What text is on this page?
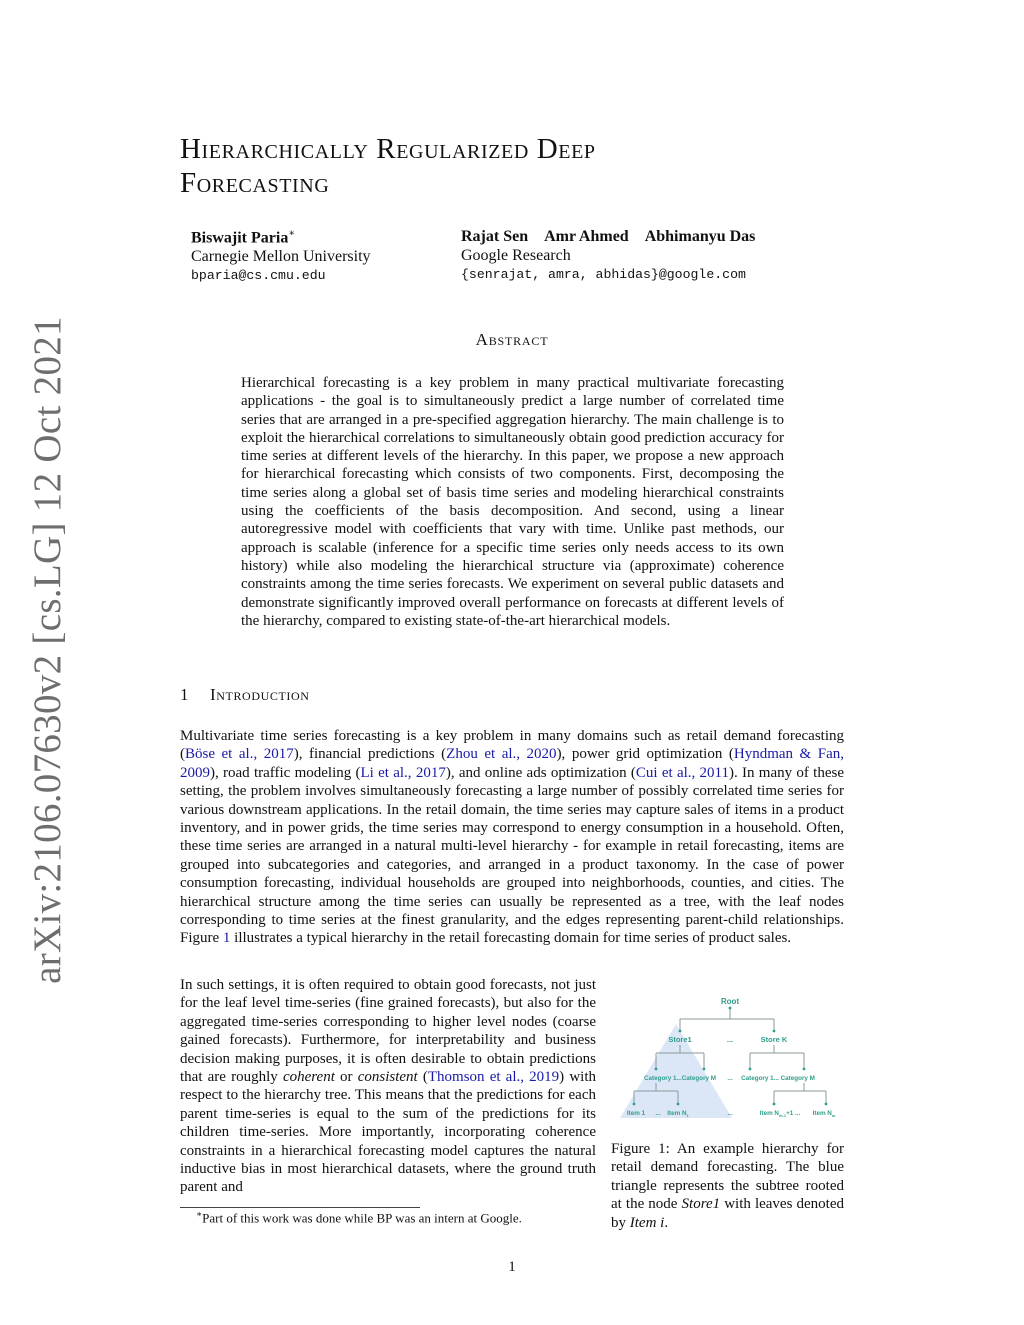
arXiv:2106.07630v2 [cs.LG] 12 Oct 2021
Hierarchically Regularized Deep
Forecasting
Biswajit Paria∗
Carnegie Mellon University
bparia@cs.cmu.edu
Rajat Sen Amr Ahmed Abhimanyu Das
Google Research
{senrajat, amra, abhidas}@google.com
Abstract
Hierarchical forecasting is a key problem in many practical multivariate forecasting applications - the goal is to simultaneously predict a large number of correlated time series that are arranged in a pre-specified aggregation hierarchy. The main challenge is to exploit the hierarchical correlations to simultaneously obtain good prediction accuracy for time series at different levels of the hierarchy. In this paper, we propose a new approach for hierarchical forecasting which consists of two components. First, decomposing the time series along a global set of basis time series and modeling hierarchical constraints using the coefficients of the basis decomposition. And second, using a linear autoregressive model with coefficients that vary with time. Unlike past methods, our approach is scalable (inference for a specific time series only needs access to its own history) while also modeling the hierarchical structure via (approximate) coherence constraints among the time series forecasts. We experiment on several public datasets and demonstrate significantly improved overall performance on forecasts at different levels of the hierarchy, compared to existing state-of-the-art hierarchical models.
1 Introduction
Multivariate time series forecasting is a key problem in many domains such as retail demand forecasting (Böse et al., 2017), financial predictions (Zhou et al., 2020), power grid optimization (Hyndman & Fan, 2009), road traffic modeling (Li et al., 2017), and online ads optimization (Cui et al., 2011). In many of these setting, the problem involves simultaneously forecasting a large number of possibly correlated time series for various downstream applications. In the retail domain, the time series may capture sales of items in a product inventory, and in power grids, the time series may correspond to energy consumption in a household. Often, these time series are arranged in a natural multi-level hierarchy - for example in retail forecasting, items are grouped into subcategories and categories, and arranged in a product taxonomy. In the case of power consumption forecasting, individual households are grouped into neighborhoods, counties, and cities. The hierarchical structure among the time series can usually be represented as a tree, with the leaf nodes corresponding to time series at the finest granularity, and the edges representing parent-child relationships. Figure 1 illustrates a typical hierarchy in the retail forecasting domain for time series of product sales.
In such settings, it is often required to obtain good forecasts, not just for the leaf level time-series (fine grained forecasts), but also for the aggregated time-series corresponding to higher level nodes (coarse gained forecasts). Furthermore, for interpretability and business decision making purposes, it is often desirable to obtain predictions that are roughly coherent or consistent (Thomson et al., 2019) with respect to the hierarchy tree. This means that the predictions for each parent time-series is equal to the sum of the predictions for its children time-series. More importantly, incorporating coherence constraints in a hierarchical forecasting model captures the natural inductive bias in most hierarchical datasets, where the ground truth parent and
Root
Store1	...	Store K
Category 1...Category M ... Category 1... Category M
Item 1 ... Item $N_1$	...	Item $N_{m-1}+1$ ... Item $N_m$
Figure 1: An example hierarchy for retail demand forecasting. The blue triangle represents the subtree rooted at the node Store1 with leaves denoted by Item i.
∗Part of this work was done while BP was an intern at Google.
1
